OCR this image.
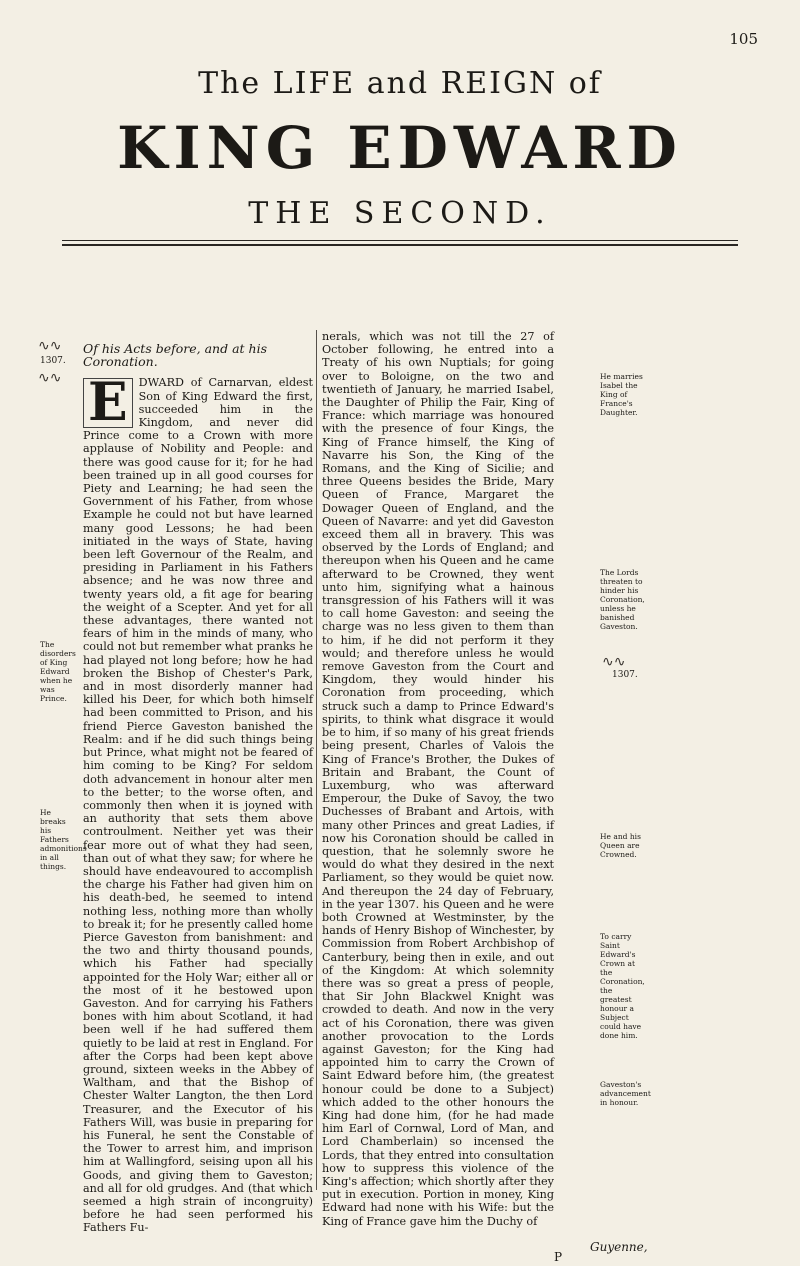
105
The LIFE and REIGN of
KING EDWARD
THE SECOND.
∿∿
1307.
∿∿
Of his Acts before, and at his Coronation.
E DWARD of Carnarvan, eldest Son of King Edward the first, succeeded him in the Kingdom, and never did Prince come to a Crown with more applause of Nobility and People: and there was good cause for it; for he had been trained up in all good courses for Piety and Learning; he had seen the Government of his Father, from whose Example he could not but have learned many good Lessons; he had been initiated in the ways of State, having been left Governour of the Realm, and presiding in Parliament in his Fathers absence; and he was now three and twenty years old, a fit age for bearing the weight of a Scepter. And yet for all these advantages, there wanted not fears of him in the minds of many, who could not but remember what pranks he had played not long before; how he had broken the Bishop of Chester's Park, and in most disorderly manner had killed his Deer, for which both himself had been committed to Prison, and his friend Pierce Gaveston banished the Realm: and if he did such things being but Prince, what might not be feared of him coming to be King? For seldom doth advancement in honour alter men to the better; to the worse often, and commonly then when it is joyned with an authority that sets them above controulment. Neither yet was their fear more out of what they had seen, than out of what they saw; for where he should have endeavoured to accomplish the charge his Father had given him on his death-bed, he seemed to intend nothing less, nothing more than wholly to break it; for he presently called home Pierce Gaveston from banishment: and the two and thirty thousand pounds, which his Father had specially appointed for the Holy War; either all or the most of it he bestowed upon Gaveston. And for carrying his Fathers bones with him about Scotland, it had been well if he had suffered them quietly to be laid at rest in England. For after the Corps had been kept above ground, sixteen weeks in the Abbey of Waltham, and that the Bishop of Chester Walter Langton, the then Lord Treasurer, and the Executor of his Fathers Will, was busie in preparing for his Funeral, he sent the Constable of the Tower to arrest him, and imprison him at Wallingford, seising upon all his Goods, and giving them to Gaveston; and all for old grudges. And (that which seemed a high strain of incongruity) before he had seen performed his Fathers Fu-
nerals, which was not till the 27 of October following, he entred into a Treaty of his own Nuptials; for going over to Boloigne, on the two and twentieth of January, he married Isabel, the Daughter of Philip the Fair, King of France: which marriage was honoured with the presence of four Kings, the King of France himself, the King of Navarre his Son, the King of the Romans, and the King of Sicilie; and three Queens besides the Bride, Mary Queen of France, Margaret the Dowager Queen of England, and the Queen of Navarre: and yet did Gaveston exceed them all in bravery. This was observed by the Lords of England; and thereupon when his Queen and he came afterward to be Crowned, they went unto him, signifying what a hainous transgression of his Fathers will it was to call home Gaveston: and seeing the charge was no less given to them than to him, if he did not perform it they would; and therefore unless he would remove Gaveston from the Court and Kingdom, they would hinder his Coronation from proceeding, which struck such a damp to Prince Edward's spirits, to think what disgrace it would be to him, if so many of his great friends being present, Charles of Valois the King of France's Brother, the Dukes of Britain and Brabant, the Count of Luxemburg, who was afterward Emperour, the Duke of Savoy, the two Duchesses of Brabant and Artois, with many other Princes and great Ladies, if now his Coronation should be called in question, that he solemnly swore he would do what they desired in the next Parliament, so they would be quiet now. And thereupon the 24 day of February, in the year 1307. his Queen and he were both Crowned at Westminster, by the hands of Henry Bishop of Winchester, by Commission from Robert Archbishop of Canterbury, being then in exile, and out of the Kingdom: At which solemnity there was so great a press of people, that Sir John Blackwel Knight was crowded to death. And now in the very act of his Coronation, there was given another provocation to the Lords against Gaveston; for the King had appointed him to carry the Crown of Saint Edward before him, (the greatest honour could be done to a Subject) which added to the other honours the King had done him, (for he had made him Earl of Cornwal, Lord of Man, and Lord Chamberlain) so incensed the Lords, that they entred into consultation how to suppress this violence of the King's affection; which shortly after they put in execution. Portion in money, King Edward had none with his Wife: but the King of France gave him the Duchy of
The disorders of King Edward when he was Prince.
He breaks his Fathers admonitions in all things.
He marries Isabel the King of France's Daughter.
The Lords threaten to hinder his Coronation, unless he banished Gaveston.
∿∿
1307.
He and his Queen are Crowned.
To carry Saint Edward's Crown at the Coronation, the greatest honour a Subject could have done him.
Gaveston's advancement in honour.
P
Guyenne,
